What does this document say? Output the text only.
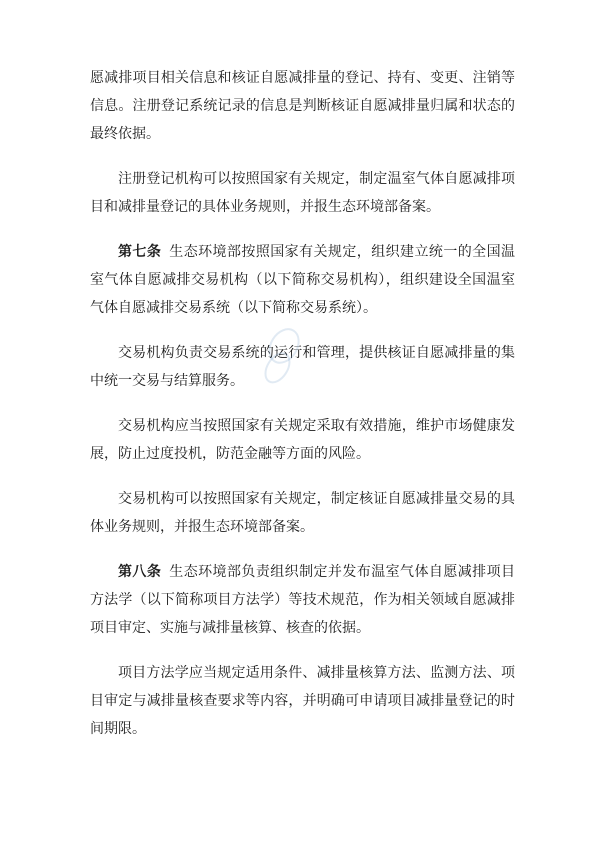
愿减排项目相关信息和核证自愿减排量的登记、持有、变更、注销等信息。注册登记系统记录的信息是判断核证自愿减排量归属和状态的最终依据。

注册登记机构可以按照国家有关规定，制定温室气体自愿减排项目和减排量登记的具体业务规则，并报生态环境部备案。

第七条 生态环境部按照国家有关规定，组织建立统一的全国温室气体自愿减排交易机构（以下简称交易机构），组织建设全国温室气体自愿减排交易系统（以下简称交易系统）。

交易机构负责交易系统的运行和管理，提供核证自愿减排量的集中统一交易与结算服务。

交易机构应当按照国家有关规定采取有效措施，维护市场健康发展，防止过度投机，防范金融等方面的风险。

交易机构可以按照国家有关规定，制定核证自愿减排量交易的具体业务规则，并报生态环境部备案。

第八条 生态环境部负责组织制定并发布温室气体自愿减排项目方法学（以下简称项目方法学）等技术规范，作为相关领域自愿减排项目审定、实施与减排量核算、核查的依据。

项目方法学应当规定适用条件、减排量核算方法、监测方法、项目审定与减排量核查要求等内容，并明确可申请项目减排量登记的时间期限。
